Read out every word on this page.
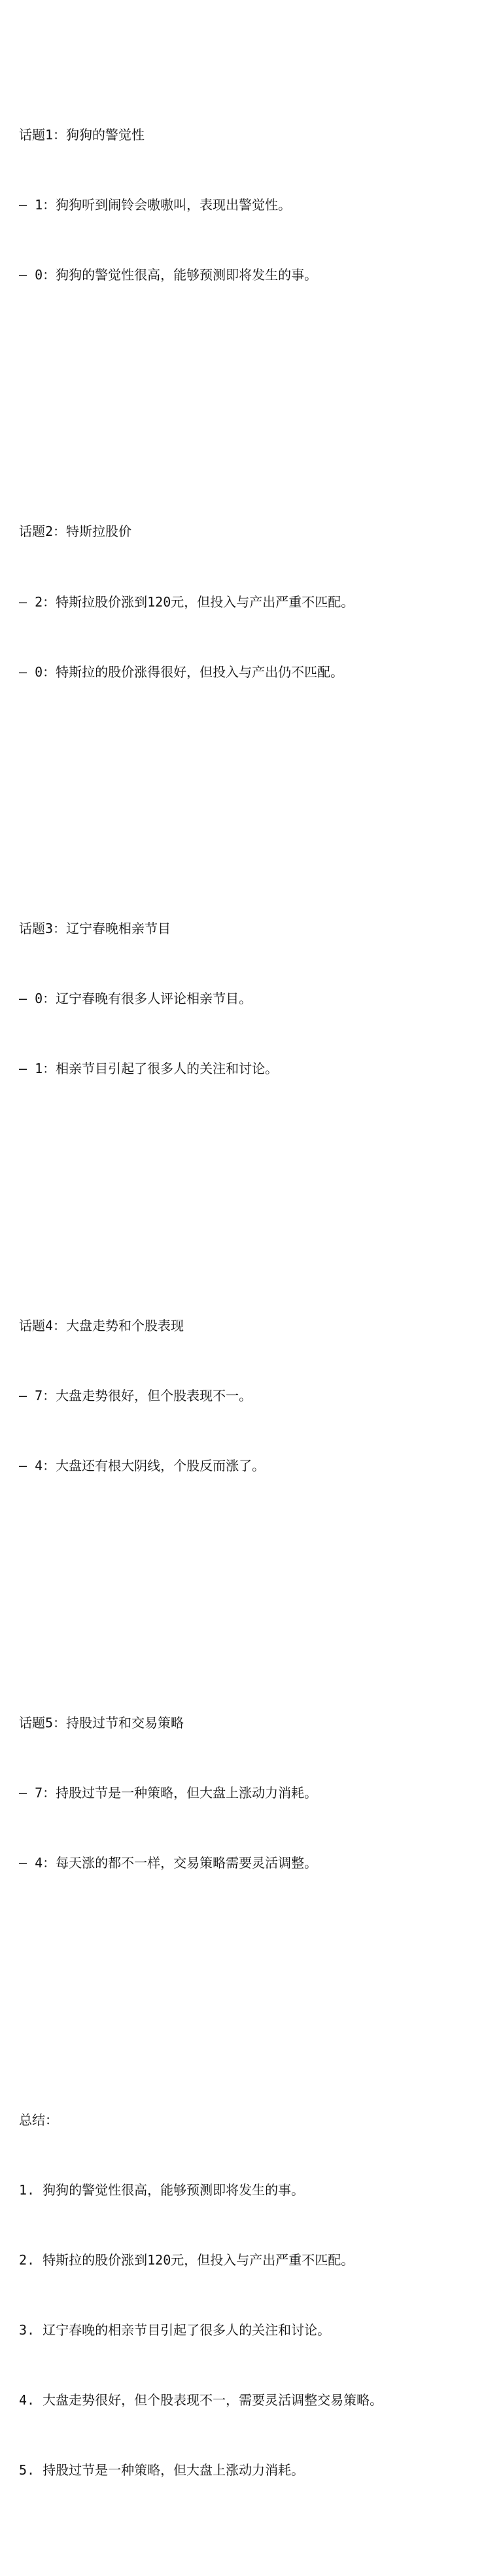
话题1：狗狗的警觉性

– 1：狗狗听到闹铃会嗷嗷叫，表现出警觉性。

– 0：狗狗的警觉性很高，能够预测即将发生的事。

话题2：特斯拉股价

– 2：特斯拉股价涨到120元，但投入与产出严重不匹配。

– 0：特斯拉的股价涨得很好，但投入与产出仍不匹配。

话题3：辽宁春晚相亲节目

– 0：辽宁春晚有很多人评论相亲节目。

– 1：相亲节目引起了很多人的关注和讨论。

话题4：大盘走势和个股表现

– 7：大盘走势很好，但个股表现不一。

– 4：大盘还有根大阴线，个股反而涨了。

话题5：持股过节和交易策略

– 7：持股过节是一种策略，但大盘上涨动力消耗。

– 4：每天涨的都不一样，交易策略需要灵活调整。

总结：

1. 狗狗的警觉性很高，能够预测即将发生的事。

2. 特斯拉的股价涨到120元，但投入与产出严重不匹配。

3. 辽宁春晚的相亲节目引起了很多人的关注和讨论。

4. 大盘走势很好，但个股表现不一，需要灵活调整交易策略。

5. 持股过节是一种策略，但大盘上涨动力消耗。
